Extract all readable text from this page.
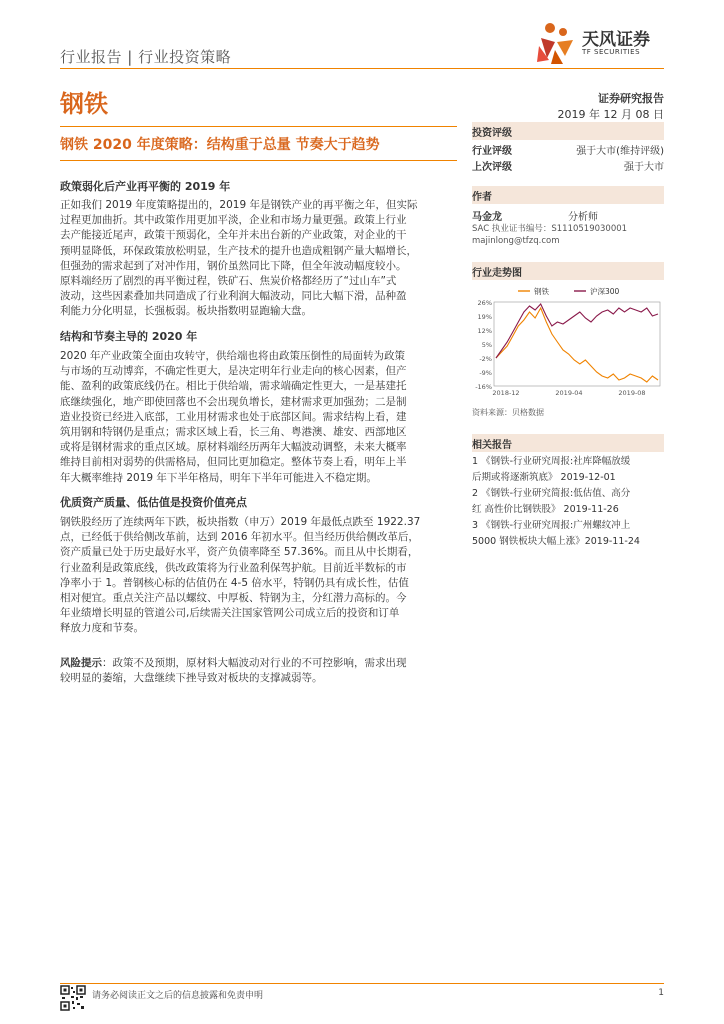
行业报告 | 行业投资策略
天风证券
TF SECURITIES
钢铁	证券研究报告
2019 年 12 月 08 日
钢铁 2020 年度策略：结构重于总量 节奏大于趋势
政策弱化后产业再平衡的 2019 年
正如我们 2019 年度策略提出的，2019 年是钢铁产业的再平衡之年，但实际
过程更加曲折。其中政策作用更加平淡，企业和市场力量更强。政策上行业
去产能接近尾声，政策干预弱化，全年并未出台新的产业政策，对企业的干
预明显降低，环保政策放松明显，生产技术的提升也造成粗钢产量大幅增长，
但强劲的需求起到了对冲作用，钢价虽然同比下降，但全年波动幅度较小。
原料端经历了剧烈的再平衡过程，铁矿石、焦炭价格都经历了“过山车”式
波动，这些因素叠加共同造成了行业利润大幅波动，同比大幅下滑，品种盈
利能力分化明显，长强板弱。板块指数明显跑输大盘。
结构和节奏主导的 2020 年
2020 年产业政策全面由攻转守，供给端也将由政策压倒性的局面转为政策
与市场的互动博弈，不确定性更大，是决定明年行业走向的核心因素，但产
能、盈利的政策底线仍在。相比于供给端，需求端确定性更大，一是基建托
底继续强化，地产即使回落也不会出现负增长，建材需求更加强劲；二是制
造业投资已经进入底部，工业用材需求也处于底部区间。需求结构上看，建
筑用钢和特钢仍是重点；需求区域上看，长三角、粤港澳、雄安、西部地区
或将是钢材需求的重点区域。原材料端经历两年大幅波动调整，未来大概率
维持目前相对弱势的供需格局，但同比更加稳定。整体节奏上看，明年上半
年大概率维持 2019 年下半年格局，明年下半年可能进入不稳定期。
优质资产质量、低估值是投资价值亮点
钢铁股经历了连续两年下跌，板块指数（申万）2019 年最低点跌至 1922.37
点，已经低于供给侧改革前，达到 2016 年初水平。但当经历供给侧改革后，
资产质量已处于历史最好水平，资产负债率降至 57.36%。而且从中长期看，
行业盈利是政策底线，供改政策将为行业盈利保驾护航。目前近半数标的市
净率小于 1。普钢核心标的估值仍在 4-5 倍水平，特钢仍具有成长性，估值
相对便宜。重点关注产品以螺纹、中厚板、特钢为主，分红潜力高标的。今
年业绩增长明显的管道公司,后续需关注国家管网公司成立后的投资和订单
释放力度和节奏。
风险提示：政策不及预期，原材料大幅波动对行业的不可控影响，需求出现
较明显的萎缩，大盘继续下挫导致对板块的支撑减弱等。
投资评级
行业评级	强于大市(维持评级)
上次评级	强于大市
作者
马金龙	分析师
SAC 执业证书编号：S1110519030001
majinlong@tfzq.com
行业走势图
26%
19%
12%
5%
-2%
-9%
-16%
2018-12	2019-04	2019-08
钢铁	沪深300
资料来源：贝格数据
相关报告
1 《钢铁-行业研究周报:社库降幅放缓
后期或将逐渐筑底》 2019-12-01
2 《钢铁-行业研究简报:低估值、高分
红 高性价比钢铁股》 2019-11-26
3 《钢铁-行业研究周报:广州螺纹冲上
5000 钢铁板块大幅上涨》2019-11-24
请务必阅读正文之后的信息披露和免责申明	1
